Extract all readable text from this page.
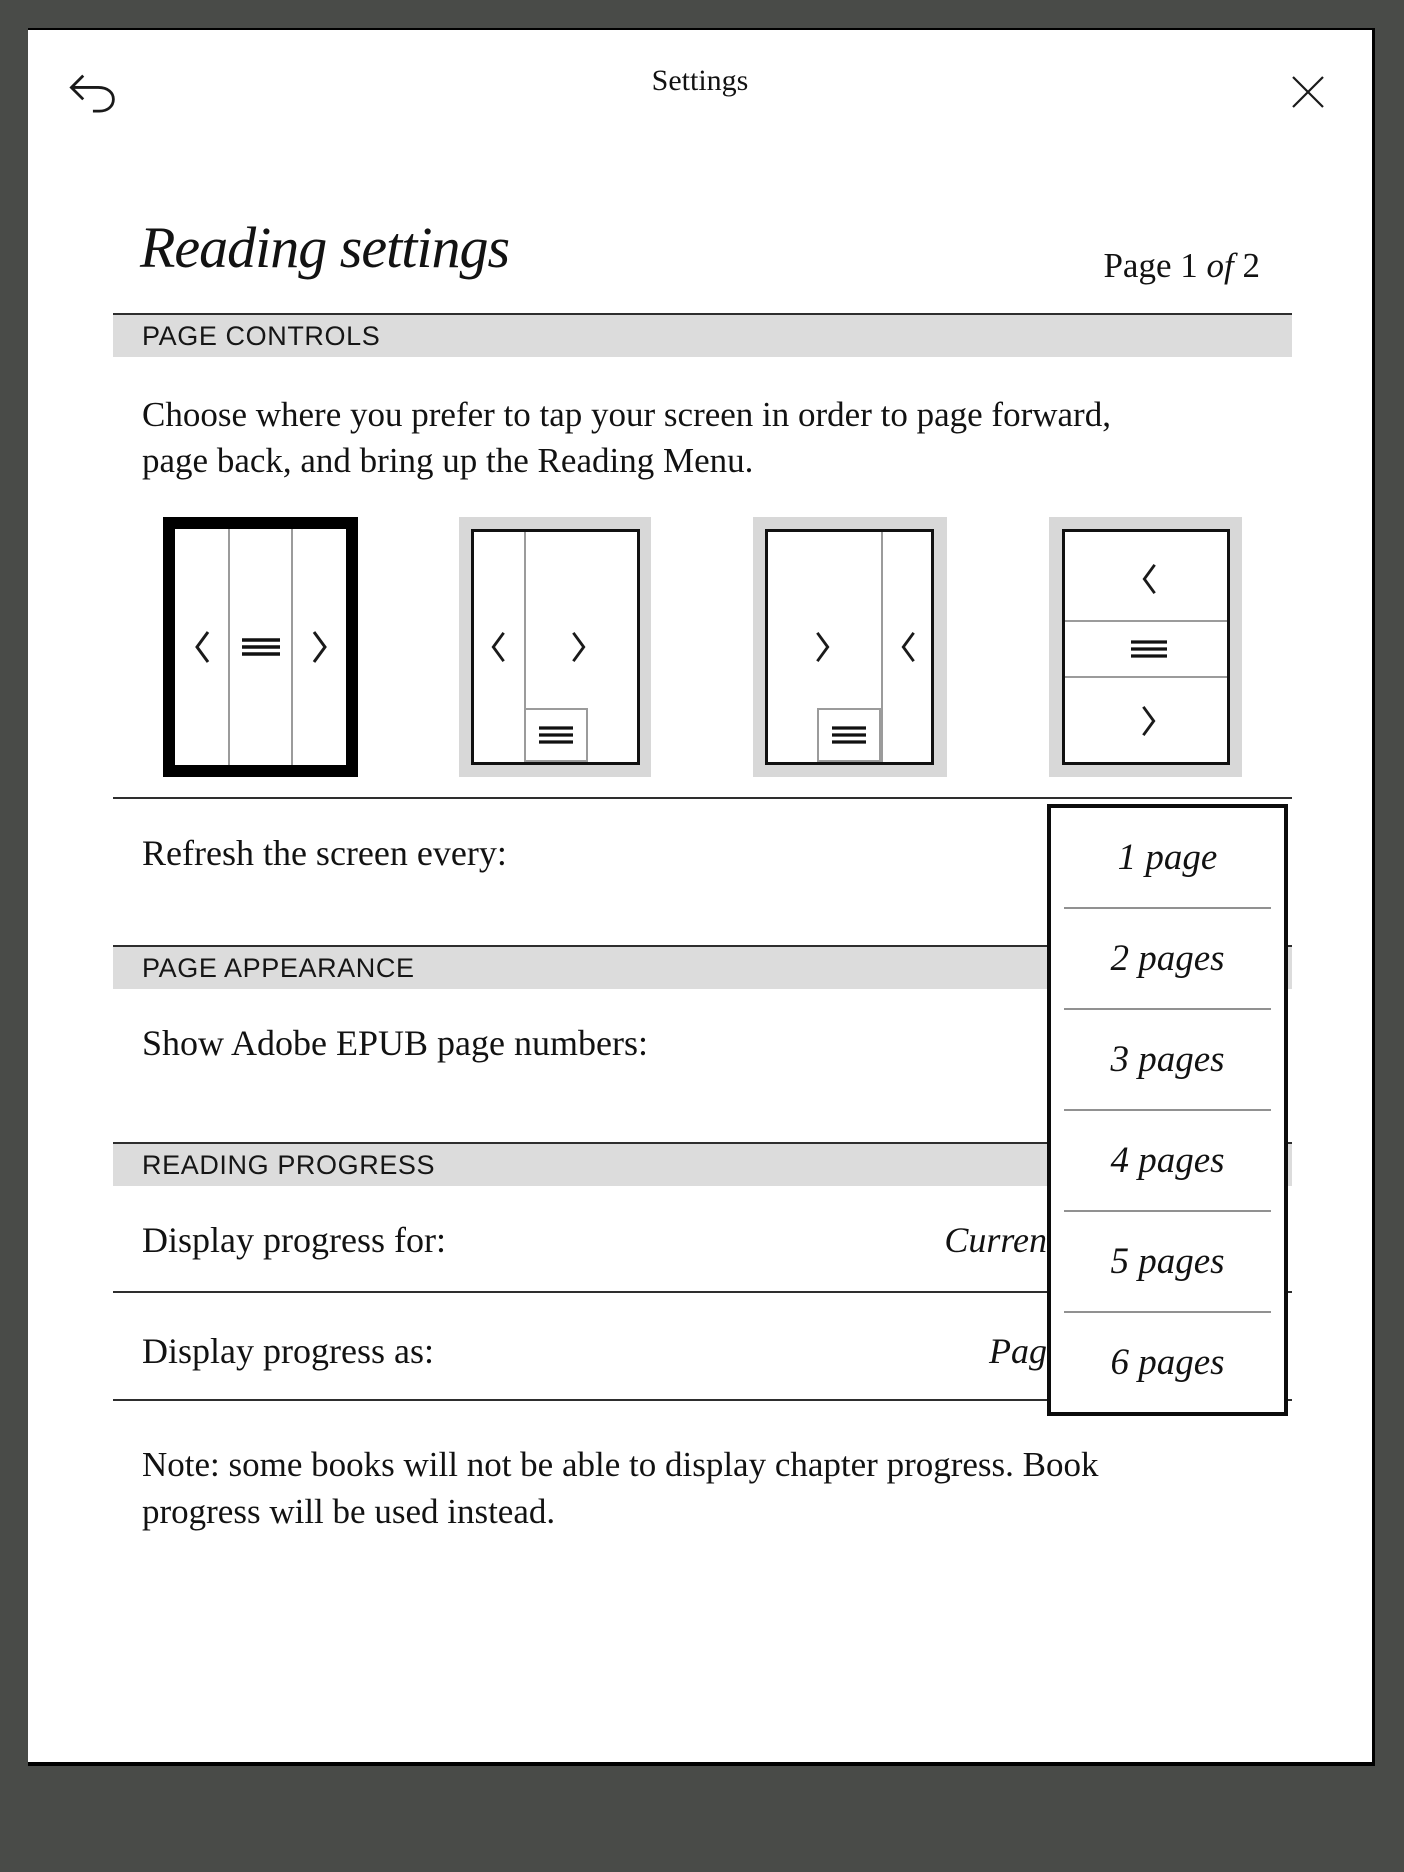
Settings
Reading settings	Page 1 of 2
PAGE CONTROLS
Choose where you prefer to tap your screen in order to page forward,
page back, and bring up the Reading Menu.
Refresh the screen every:
PAGE APPEARANCE
Show Adobe EPUB page numbers:
READING PROGRESS
Display progress for:	Curren
Display progress as:	Pag
Note: some books will not be able to display chapter progress. Book
progress will be used instead.
1 page
2 pages
3 pages
4 pages
5 pages
6 pages
